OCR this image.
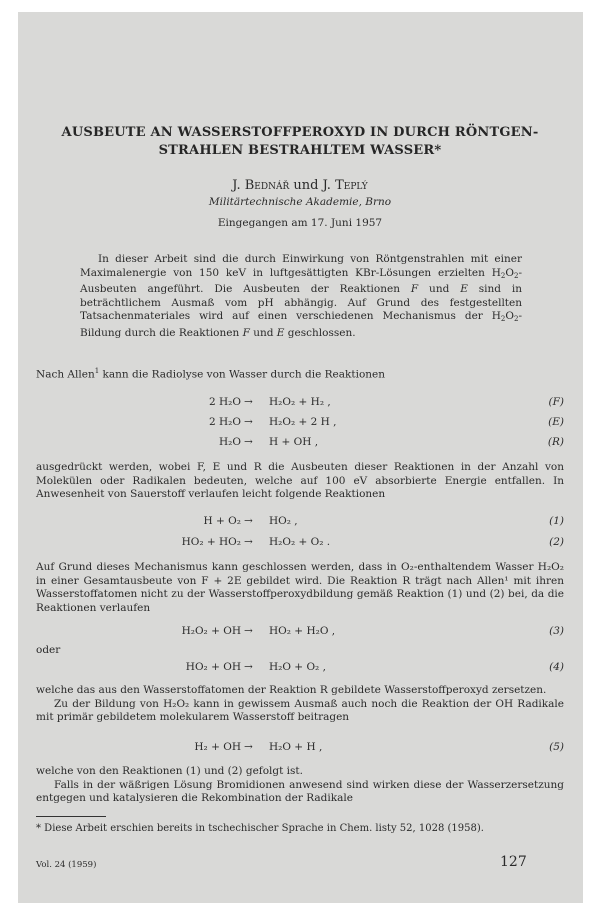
AUSBEUTE AN WASSERSTOFFPEROXYD IN DURCH RÖNTGEN-
STRAHLEN BESTRAHLTEM WASSER*
J. Bednář und J. Teplý
Militärtechnische Akademie, Brno
Eingegangen am 17. Juni 1957

In dieser Arbeit sind die durch Einwirkung von Röntgenstrahlen mit einer Maximalenergie von 150 keV in luftgesättigten KBr-Lösungen erzielten $H_2O_2$-Ausbeuten angeführt. Die Ausbeuten der Reaktionen F und E sind in beträchtlichem Ausmaß vom pH abhängig. Auf Grund des festgestellten Tatsachenmateriales wird auf einen verschiedenen Mechanismus der $H_2O_2$-Bildung durch die Reaktionen F und E geschlossen.

Nach Allen$^1$ kann die Radiolyse von Wasser durch die Reaktionen

2 H₂O → H₂O₂ + H₂ ,	(F)
2 H₂O → H₂O₂ + 2 H ,	(E)
H₂O → H + OH ,	(R)

ausgedrückt werden, wobei F, E und R die Ausbeuten dieser Reaktionen in der Anzahl von Molekülen oder Radikalen bedeuten, welche auf 100 eV absorbierte Energie entfallen. In Anwesenheit von Sauerstoff verlaufen leicht folgende Reaktionen

H + O₂ → HO₂ ,	(1)
HO₂ + HO₂ → H₂O₂ + O₂ .	(2)

Auf Grund dieses Mechanismus kann geschlossen werden, dass in O₂-enthaltendem Wasser H₂O₂ in einer Gesamtausbeute von F + 2E gebildet wird. Die Reaktion R trägt nach Allen¹ mit ihren Wasserstoffatomen nicht zu der Wasserstoffperoxydbildung gemäß Reaktion (1) und (2) bei, da die Reaktionen verlaufen

H₂O₂ + OH → HO₂ + H₂O ,	(3)

oder

HO₂ + OH → H₂O + O₂ ,	(4)

welche das aus den Wasserstoffatomen der Reaktion R gebildete Wasserstoffperoxyd zersetzen.

Zu der Bildung von H₂O₂ kann in gewissem Ausmaß auch noch die Reaktion der OH Radikale mit primär gebildetem molekularem Wasserstoff beitragen

H₂ + OH → H₂O + H ,	(5)

welche von den Reaktionen (1) und (2) gefolgt ist.

Falls in der wäßrigen Lösung Bromidionen anwesend sind wirken diese der Wasserzersetzung entgegen und katalysieren die Rekombination der Radikale

* Diese Arbeit erschien bereits in tschechischer Sprache in Chem. listy 52, 1028 (1958).
Vol. 24 (1959)	127
